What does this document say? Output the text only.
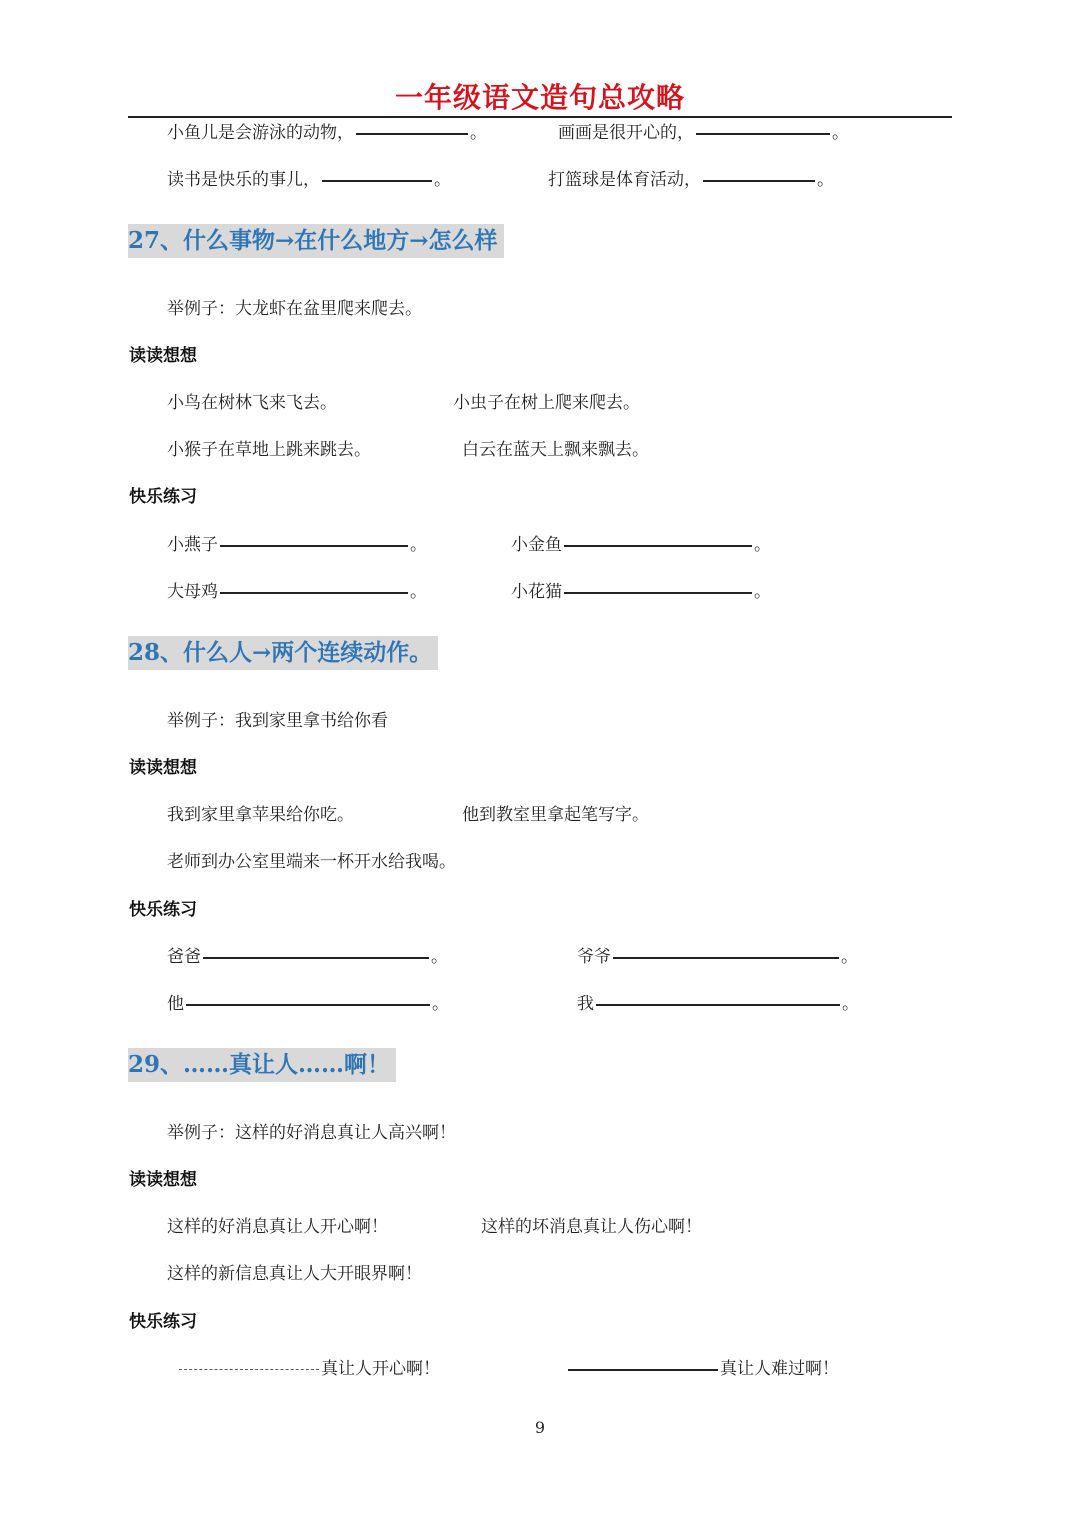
一年级语文造句总攻略
小鱼儿是会游泳的动物，	。	画画是很开心的，	。
读书是快乐的事儿，	。	打篮球是体育活动，	。
27、什么事物→在什么地方→怎么样
举例子：大龙虾在盆里爬来爬去。
读读想想
小鸟在树林飞来飞去。	小虫子在树上爬来爬去。
小猴子在草地上跳来跳去。	白云在蓝天上飘来飘去。
快乐练习
小燕子	。	小金鱼	。
大母鸡	。	小花猫	。
28、什么人→两个连续动作。
举例子：我到家里拿书给你看
读读想想
我到家里拿苹果给你吃。	他到教室里拿起笔写字。
老师到办公室里端来一杯开水给我喝。
快乐练习
爸爸	。	爷爷	。
他	。	我	。
29、……真让人……啊！
举例子：这样的好消息真让人高兴啊！
读读想想
这样的好消息真让人开心啊！	这样的坏消息真让人伤心啊！
这样的新信息真让人大开眼界啊！
快乐练习
真让人开心啊！	真让人难过啊！
9
